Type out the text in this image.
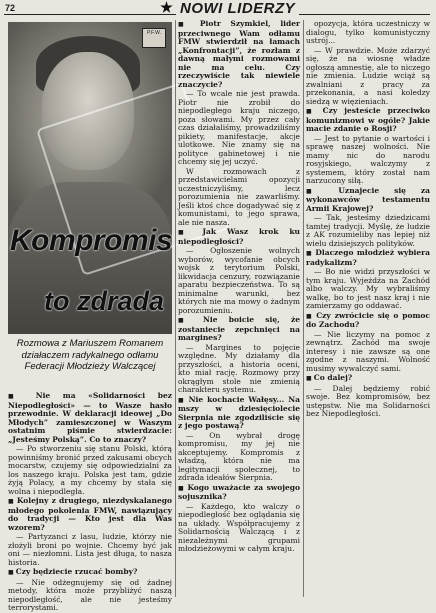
72	NOWI LIDERZY
P.F.W.
Kompromis
to zdrada
Rozmowa z Mariuszem Romanem działaczem radykalnego odłamu Federacji Młodzieży Walczącej

■ Nie ma «Solidarności bez Niepodległości» — to Wasze hasło przewodnie. W deklaracji ideowej „Do Młodych” zamieszczonej w Waszym ostatnim piśmie stwierdzacie: „Jesteśmy Polską”. Co to znaczy?

— Po stworzeniu się stanu Polski, którą powinniśmy bronić przed zakusami obcych mocarstw, czujemy się odpowiedzialni za los naszego kraju. Polska jest tam, gdzie żyją Polacy, a my chcemy by stała się wolna i niepodległa.

■ Kolejny z drugiego, niezdyskalanego młodego pokolenia FMW, nawiązujący do tradycji — Kto jest dla Was wzorem?

— Partyzanci z lasu, ludzie, którzy nie złożyli broni po wojnie. Chcemy być jak oni — niezłomni. Lista jest długa, to nasza historia.

■ Czy będziecie rzucać bomby?

— Nie odżegnujemy się od żadnej metody, która może przybliżyć naszą niepodległość, ale nie jesteśmy terrorystami.

■ Piotr Szymkiel, lider przeciwnego Wam odłamu FMW stwierdził na łamach „Konfrontacji”, że rozłam z dawną małymi rozmowami nie ma celu. Czy rzeczywiście tak niewiele znaczycie?

— To wcale nie jest prawda. Piotr nie zrobił do niepodległego kraju niczego, poza słowami. My przez cały czas działaliśmy, prowadziliśmy pikiety, manifestacje, akcje ulotkowe. Nie znamy się na polityce gabinetowej i nie chcemy się jej uczyć.

W rozmowach z przedstawicielami opozycji uczestniczyliśmy, lecz porozumienia nie zawarliśmy. Jeśli ktoś chce dogadywać się z komunistami, to jego sprawa, ale nie nasza.

■ Jak Wasz krok ku niepodległości?

— Ogłoszenie wolnych wyborów, wycofanie obcych wojsk z terytorium Polski, likwidacja cenzury, rozwiązanie aparatu bezpieczeństwa. To są minimalne warunki, bez których nie ma mowy o żadnym porozumieniu.

■ Nie boicie się, że zostaniecie zepchnięci na margines?

— Margines to pojęcie względne. My działamy dla przyszłości, a historia oceni, kto miał rację. Rozmowy przy okrągłym stole nie zmienią charakteru systemu.

■ Nie kochacie Wałęsy... Na mszy w dziesięciolecie Sierpnia nie zgodziliście się z jego postawą?

— On wybrał drogę kompromisu, my jej nie akceptujemy. Kompromis z władzą, która nie ma legitymacji społecznej, to zdrada ideałów Sierpnia.

■ Kogo uważacie za swojego sojusznika?

— Każdego, kto walczy o niepodległość bez oglądania się na układy. Współpracujemy z Solidarnością Walczącą i z niezależnymi grupami młodzieżowymi w całym kraju.

opozycja, która uczestniczy w dialogu, tylko komunistyczny ustrój...

— W prawdzie. Może zdarzyć się, że na wiosnę władze ogłoszą amnestię, ale to niczego nie zmienia. Ludzie wciąż są zwalniani z pracy za przekonania, a nasi koledzy siedzą w więzieniach.

■ Czy jesteście przeciwko komunizmowi w ogóle? Jakie macie zdanie o Rosji?

— Jest to pytanie o wartości i sprawę naszej wolności. Nie mamy nic do narodu rosyjskiego, walczymy z systemem, który został nam narzucony siłą.

■ Uznajecie się za wykonawców testamentu Armii Krajowej?

— Tak, jesteśmy dziedzicami tamtej tradycji. Myślę, że ludzie z AK rozumieliby nas lepiej niż wielu dzisiejszych polityków.

■ Dlaczego młodzież wybiera radykalizm?

— Bo nie widzi przyszłości w tym kraju. Wyjeżdża na Zachód albo walczy. My wybraliśmy walkę, bo to jest nasz kraj i nie zamierzamy go oddawać.

■ Czy zwrócicie się o pomoc do Zachodu?

— Nie liczymy na pomoc z zewnątrz. Zachód ma swoje interesy i nie zawsze są one zgodne z naszymi. Wolność musimy wywalczyć sami.

■ Co dalej?

— Dalej będziemy robić swoje. Bez kompromisów, bez ustępstw. Nie ma Solidarności bez Niepodległości.
